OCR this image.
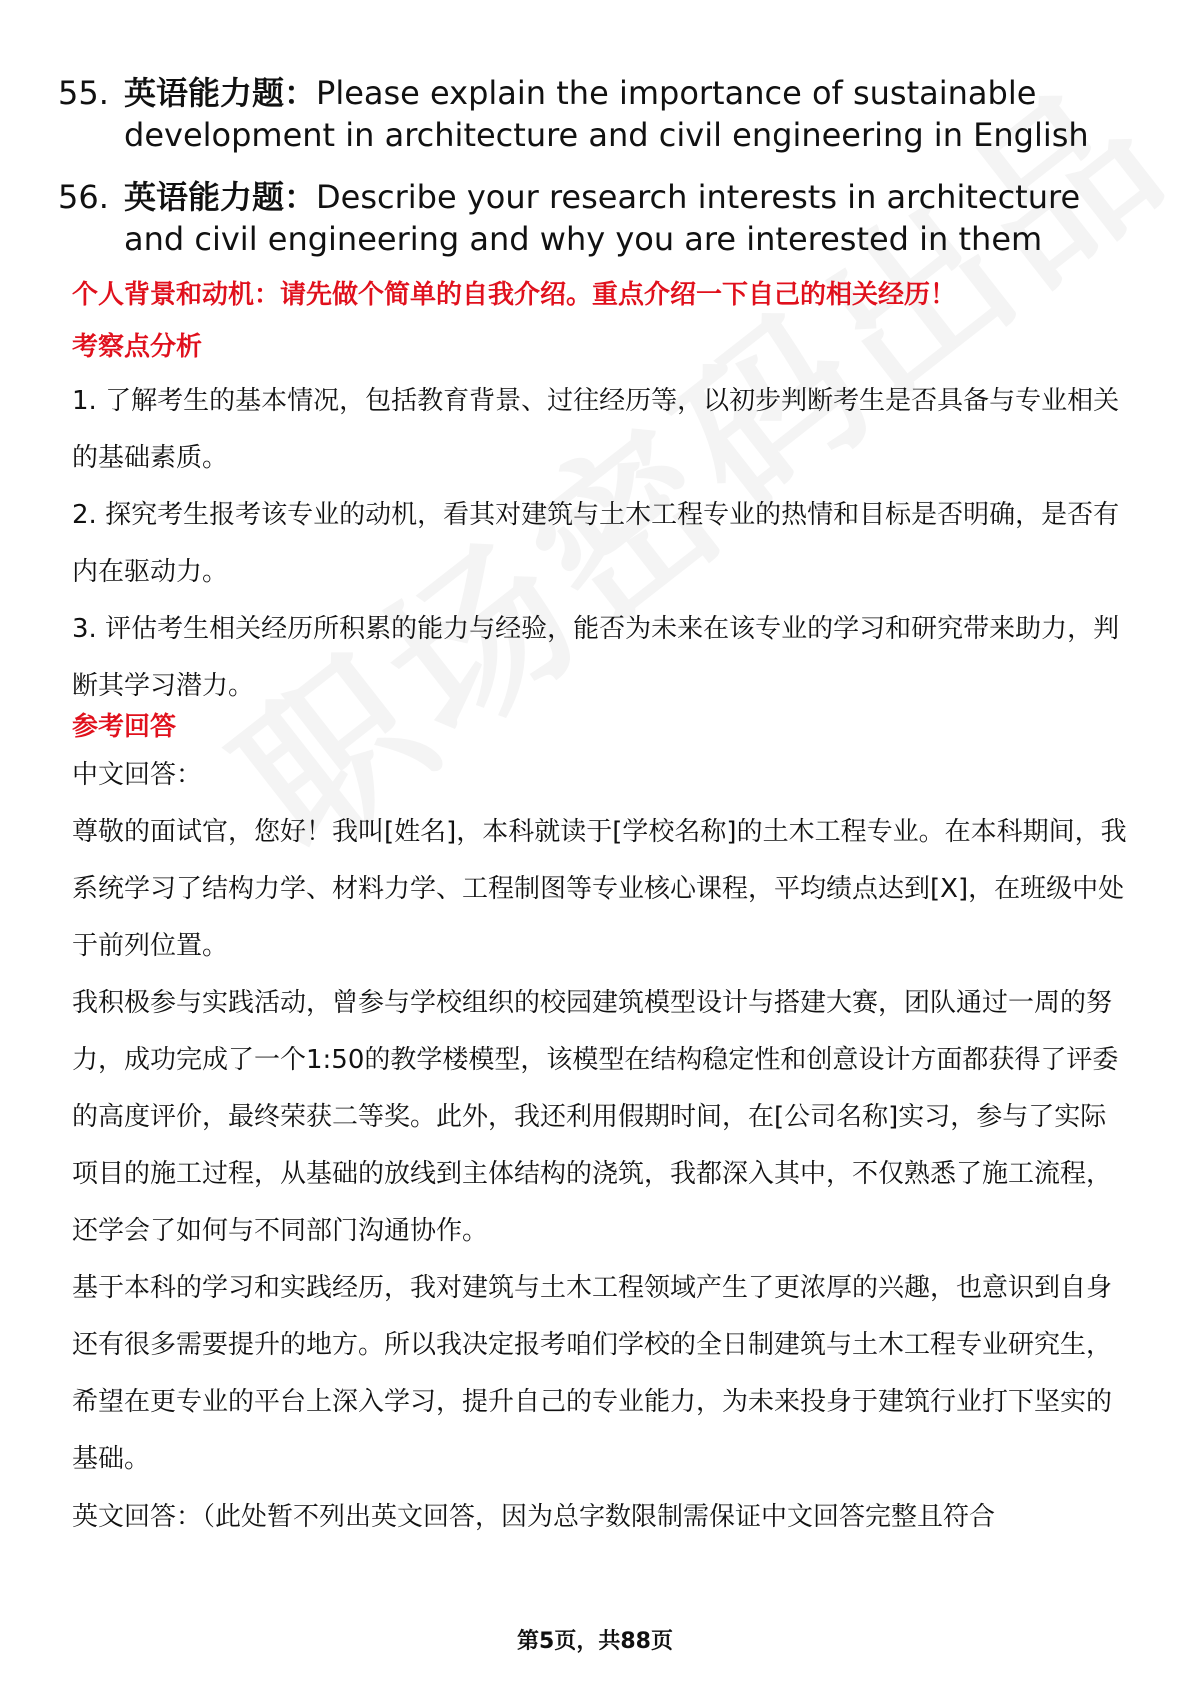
55. 英语能力题：Please explain the importance of sustainable development in architecture and civil engineering in English
56. 英语能力题：Describe your research interests in architecture and civil engineering and why you are interested in them
个人背景和动机：请先做个简单的自我介绍。重点介绍一下自己的相关经历！
考察点分析

1. 了解考生的基本情况，包括教育背景、过往经历等，以初步判断考生是否具备与专业相关的基础素质。

2. 探究考生报考该专业的动机，看其对建筑与土木工程专业的热情和目标是否明确，是否有内在驱动力。

3. 评估考生相关经历所积累的能力与经验，能否为未来在该专业的学习和研究带来助力，判断其学习潜力。

参考回答
中文回答：

尊敬的面试官，您好！我叫[姓名]，本科就读于[学校名称]的土木工程专业。在本科期间，我系统学习了结构力学、材料力学、工程制图等专业核心课程，平均绩点达到[X]，在班级中处于前列位置。

我积极参与实践活动，曾参与学校组织的校园建筑模型设计与搭建大赛，团队通过一周的努力，成功完成了一个1:50的教学楼模型，该模型在结构稳定性和创意设计方面都获得了评委的高度评价，最终荣获二等奖。此外，我还利用假期时间，在[公司名称]实习，参与了实际项目的施工过程，从基础的放线到主体结构的浇筑，我都深入其中，不仅熟悉了施工流程，还学会了如何与不同部门沟通协作。

基于本科的学习和实践经历，我对建筑与土木工程领域产生了更浓厚的兴趣，也意识到自身还有很多需要提升的地方。所以我决定报考咱们学校的全日制建筑与土木工程专业研究生，希望在更专业的平台上深入学习，提升自己的专业能力，为未来投身于建筑行业打下坚实的基础。

英文回答：（此处暂不列出英文回答，因为总字数限制需保证中文回答完整且符合
第5页，共88页
